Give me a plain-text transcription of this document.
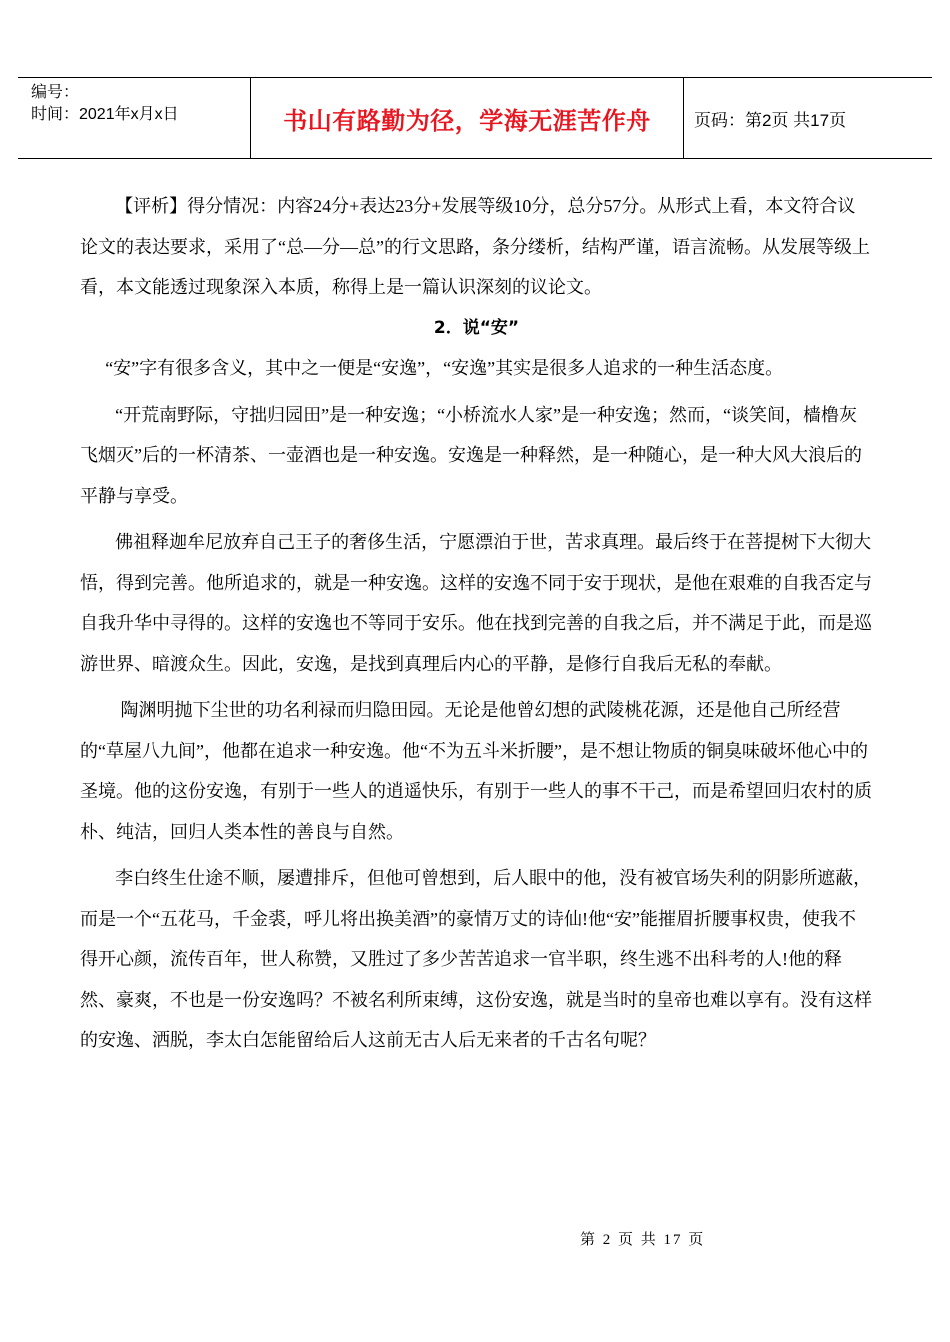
编号：
时间：2021年x月x日	书山有路勤为径，学海无涯苦作舟	页码：第2页 共17页

【评析】得分情况：内容24分+表达23分+发展等级10分，总分57分。从形式上看，本文符合议论文的表达要求，采用了“总—分—总”的行文思路，条分缕析，结构严谨，语言流畅。从发展等级上看，本文能透过现象深入本质，称得上是一篇认识深刻的议论文。

2．说“安”

“安”字有很多含义，其中之一便是“安逸”，“安逸”其实是很多人追求的一种生活态度。

“开荒南野际，守拙归园田”是一种安逸；“小桥流水人家”是一种安逸；然而，“谈笑间，樯橹灰飞烟灭”后的一杯清茶、一壶酒也是一种安逸。安逸是一种释然，是一种随心，是一种大风大浪后的平静与享受。

佛祖释迦牟尼放弃自己王子的奢侈生活，宁愿漂泊于世，苦求真理。最后终于在菩提树下大彻大悟，得到完善。他所追求的，就是一种安逸。这样的安逸不同于安于现状，是他在艰难的自我否定与自我升华中寻得的。这样的安逸也不等同于安乐。他在找到完善的自我之后，并不满足于此，而是巡游世界、暗渡众生。因此，安逸，是找到真理后内心的平静，是修行自我后无私的奉献。

陶渊明抛下尘世的功名利禄而归隐田园。无论是他曾幻想的武陵桃花源，还是他自己所经营的“草屋八九间”，他都在追求一种安逸。他“不为五斗米折腰”，是不想让物质的铜臭味破坏他心中的圣境。他的这份安逸，有别于一些人的逍遥快乐，有别于一些人的事不干己，而是希望回归农村的质朴、纯洁，回归人类本性的善良与自然。

李白终生仕途不顺，屡遭排斥，但他可曾想到，后人眼中的他，没有被官场失利的阴影所遮蔽，而是一个“五花马，千金裘，呼儿将出换美酒”的豪情万丈的诗仙!他“安”能摧眉折腰事权贵，使我不得开心颜，流传百年，世人称赞，又胜过了多少苦苦追求一官半职，终生逃不出科考的人!他的释然、豪爽，不也是一份安逸吗？不被名利所束缚，这份安逸，就是当时的皇帝也难以享有。没有这样的安逸、洒脱，李太白怎能留给后人这前无古人后无来者的千古名句呢？

第 2 页 共 17 页
